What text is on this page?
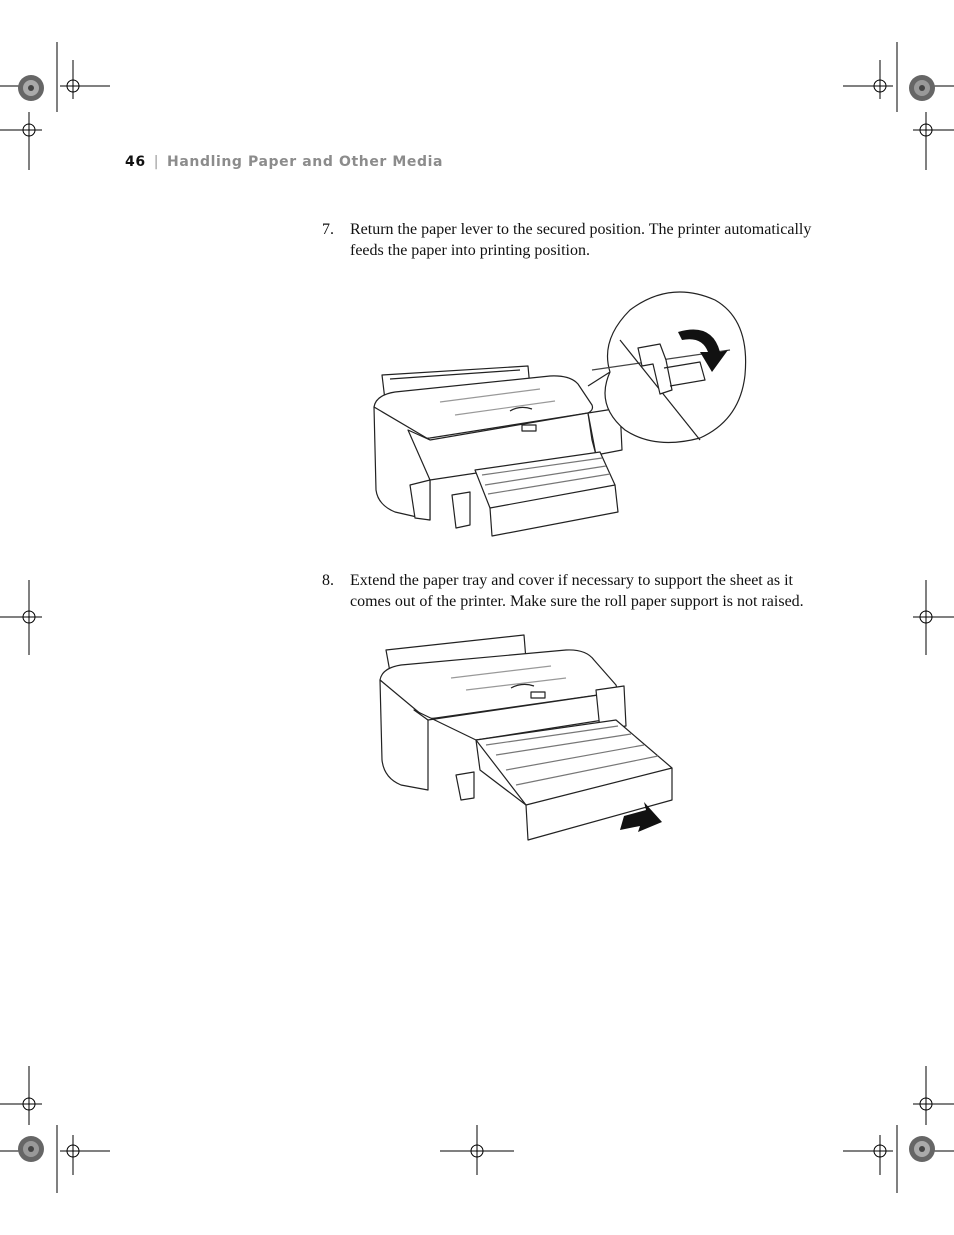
46 | Handling Paper and Other Media
7. Return the paper lever to the secured position. The printer automatically feeds the paper into printing position.
8. Extend the paper tray and cover if necessary to support the sheet as it comes out of the printer. Make sure the roll paper support is not raised.
